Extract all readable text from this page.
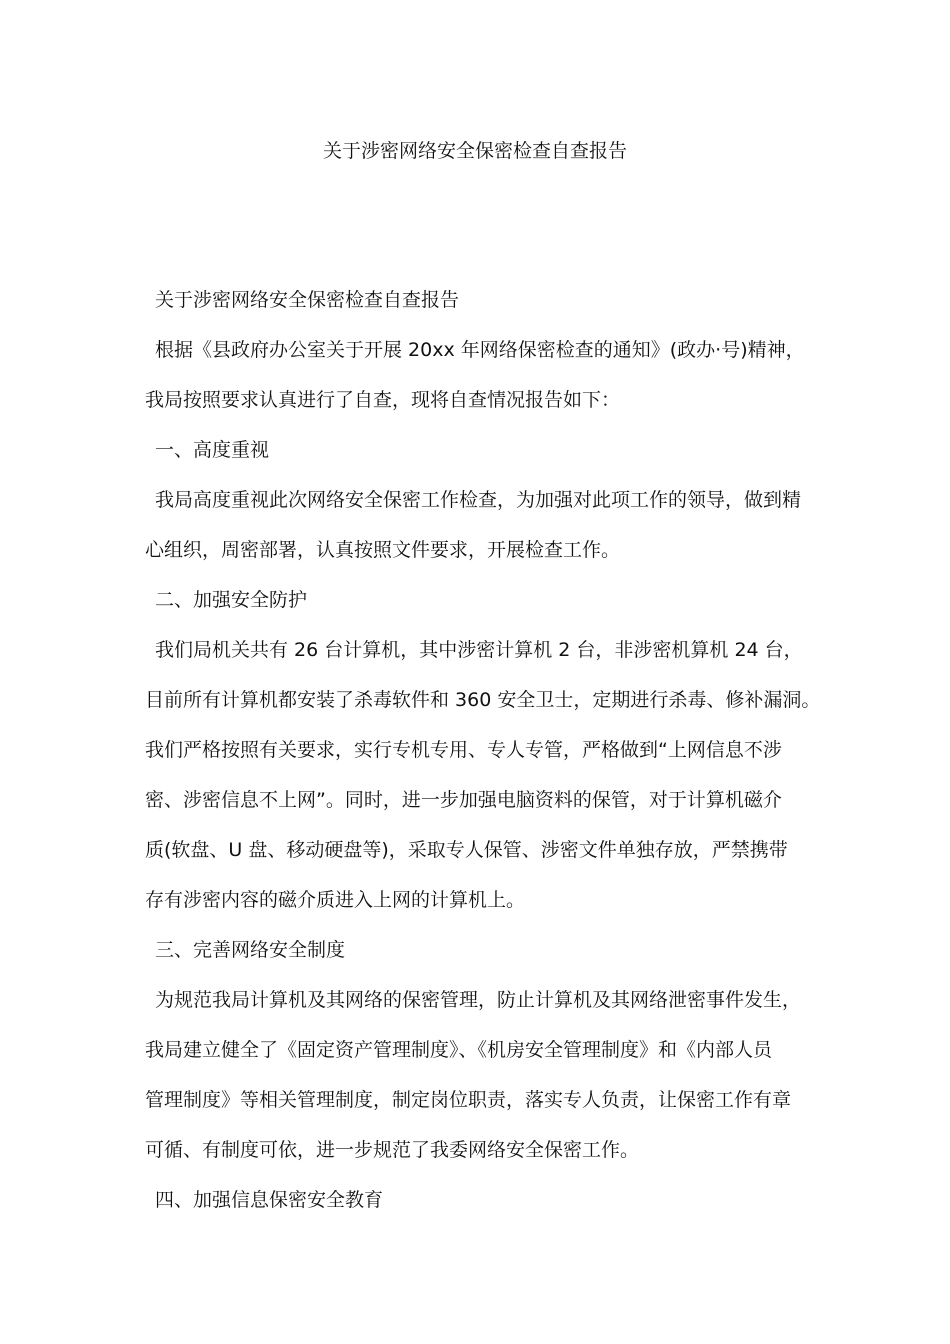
关于涉密网络安全保密检查自查报告
关于涉密网络安全保密检查自查报告
根据《县政府办公室关于开展 20xx 年网络保密检查的通知》(政办‧号)精神，
我局按照要求认真进行了自查，现将自查情况报告如下：
一、高度重视
我局高度重视此次网络安全保密工作检查，为加强对此项工作的领导，做到精
心组织，周密部署，认真按照文件要求，开展检查工作。
二、加强安全防护
我们局机关共有 26 台计算机，其中涉密计算机 2 台，非涉密机算机 24 台，
目前所有计算机都安装了杀毒软件和 360 安全卫士，定期进行杀毒、修补漏洞。
我们严格按照有关要求，实行专机专用、专人专管，严格做到“上网信息不涉
密、涉密信息不上网”。同时，进一步加强电脑资料的保管，对于计算机磁介
质(软盘、U 盘、移动硬盘等)，采取专人保管、涉密文件单独存放，严禁携带
存有涉密内容的磁介质进入上网的计算机上。
三、完善网络安全制度
为规范我局计算机及其网络的保密管理，防止计算机及其网络泄密事件发生，
我局建立健全了《固定资产管理制度》、《机房安全管理制度》和《内部人员
管理制度》等相关管理制度，制定岗位职责，落实专人负责，让保密工作有章
可循、有制度可依，进一步规范了我委网络安全保密工作。
四、加强信息保密安全教育
